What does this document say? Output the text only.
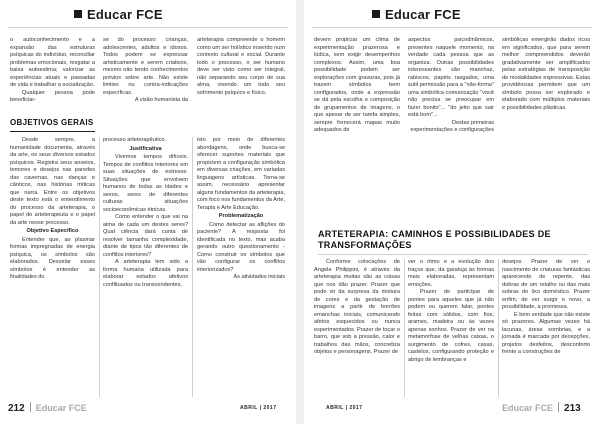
Educar FCE

o autoconhecimento e a expansão das estruturas psíquicas do indivíduo, reconciliar problemas emocionais, resgatar a baixa autoestima; valorizar as experiências atuais e passadas de vida e trabalhar a socialização.

Qualquer pessoa pode beneficiar-

se do processo: crianças, adolescentes, adultos e idosos. Todos podem se expressar artisticamente e serem criativos, mesmo não tendo conhecimentos prévios sobre arte. Não existe limites ou contra-indicações específicas.

A visão humanista da

arteterapia compreende o homem como um ser holístico inserido num contexto cultural e social. Durante todo o processo, o ser humano deve ser visto como ser integral, não separando seu corpo de sua alma, vivendo um todo seu sofrimento psíquico e físico.

OBJETIVOS GERAIS

Desde sempre, a humanidade documenta, através da arte, os seus diversos estados psíquicos. Registra seus anseios, temores e desejos nas paredes das cavernas, nas danças e cânticos, nas histórias míticas que narra. Entre os objetivos deste texto está o entendimento do processo da arteterapia, o papel do arteterapeuta e o papel da arte nesse processo.

Objetivo Específico

Entender que, ao plasmar formas impregnadas de energia psíquica, os símbolos são elaborados. Desvelar esses símbolos é entender as finalidades do

processo arteterapêutico.

Justificativa

Vivemos tempos difíceis. Tempos de conflitos interiores em suas situações de estresse. Situações que envolvem humanos de todas as idades e sexos, seres de diferentes culturas situações socioeconômicas étnicas.

Como entender o que vai na alma de cada um destes seres? Qual ciência dará conta de resolver tamanha complexidade, diante de tipos tão diferentes de conflitos interiores?

A arteterapia tem sido a forma humana utilizada para elaborar estados afetivos conflituados ou transcendentes,

isto por meio de diferentes abordagens, onde busca-se oferecer suportes materiais que propiciem a configuração simbólica em diversas criações, em variadas linguagens artísticas. Torna-se assim, necessário apresentar alguns fundamentos da arteterapia, com foco nos fundamentos da Arte, Terapia e Arte Educação.

Problematização

Como detectar as aflições do paciente? A resposta foi identificada no texto, mas acaba gerando outro questionamento - Como construir os símbolos que vão configurar os conflitos interiorizados?

As atividades iniciais

212 Educar FCE	ABRIL | 2017
Educar FCE

devem propiciar um clima de experimentação prazerosa e lúdica, sem exigir desempenhos complexos. Assim, uma boa possibilidade podem ser explorações com gravuras, pois já trazem símbolos bem configurados, onde a expressão se dá pela escolha e composição de grupamentos de imagens, o que apesar de ser tarefa simples, sempre fornecerá mapas muito adequados de

aspectos psicodinâmicos, presentes naquele momento, na verdade cada pessoa que as organiza. Outras possibilidades interessantes são manchas, rabiscos, papéis rasgados, uma sutil permissão para a "não-forma" uma simbólica comunicação "você não precisa se preocupar em fazer bonito"... "do jeito que sair está bom"...

Destas primeiras experimentações e configurações

simbólicas emergirão dados ricos em significados, que para serem melhor compreendidos deverão gradativamente ser amplificados pelas estratégias de transposição de modalidades expressivas. Estas providências permitem que um símbolo possa ser explorado e elaborado com múltiplos materiais e possibilidades plásticas.

ARTETERAPIA: CAMINHOS E POSSIBILIDADES DE TRANSFORMAÇÕES

Conforme colocações de Angela Philippini, é através da arteterapia muitas são as coisas que nos dão prazer. Prazer que pode vir da surpresa da mistura de cores e da gestação de imagens a partir de borrões emanchas iniciais, comunicando afetos esquecidos ou nunca experimentados. Prazer de tocar o barro, que sob a pressão, calor e trabalhos das mãos, concretiza objetos e personagens. Prazer de

ver o ritmo e a evolução dos traços que, da garatuja às formas mais elaboradas, representam emoções.

Prazer de participar de pontes para aqueles que já não podem ou querem falar, pontes feitas com sólidos, com fios, arames, madeira ou às vezes apenas sonhos. Prazer de ver na metamorfose de velhas caixas, o surgimento de cofres, casas, castelos, configurando proteção e abrigo de lembranças e

desejos. Prazer de ver o nascimento de criaturas fantásticas aparecendo de repente, das dobras de um retalho ou das mais sobras do lixo doméstico. Prazer enfim, de ver surgir o novo, a possibilidade, a promessa.

E bem verdade que não existe só prazeres. Algumas vezes há lacunas, áreas sombrias, e a jornada é marcada por decepções, projetos desfeitos, desconforto frente a construções de

ABRIL | 2017	Educar FCE 213
